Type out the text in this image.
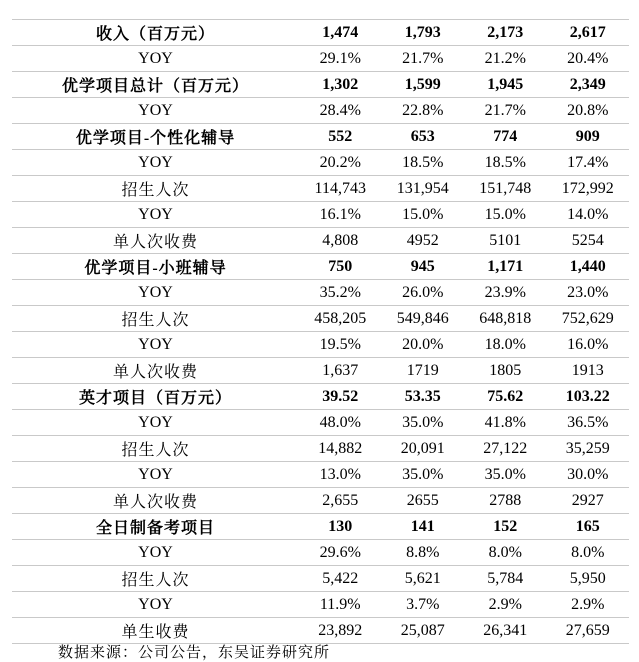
收入（百万元）	1,474	1,793	2,173	2,617
YOY	29.1%	21.7%	21.2%	20.4%
优学项目总计（百万元）	1,302	1,599	1,945	2,349
YOY	28.4%	22.8%	21.7%	20.8%
优学项目-个性化辅导	552	653	774	909
YOY	20.2%	18.5%	18.5%	17.4%
招生人次	114,743	131,954	151,748	172,992
YOY	16.1%	15.0%	15.0%	14.0%
单人次收费	4,808	4952	5101	5254
优学项目-小班辅导	750	945	1,171	1,440
YOY	35.2%	26.0%	23.9%	23.0%
招生人次	458,205	549,846	648,818	752,629
YOY	19.5%	20.0%	18.0%	16.0%
单人次收费	1,637	1719	1805	1913
英才项目（百万元）	39.52	53.35	75.62	103.22
YOY	48.0%	35.0%	41.8%	36.5%
招生人次	14,882	20,091	27,122	35,259
YOY	13.0%	35.0%	35.0%	30.0%
单人次收费	2,655	2655	2788	2927
全日制备考项目	130	141	152	165
YOY	29.6%	8.8%	8.0%	8.0%
招生人次	5,422	5,621	5,784	5,950
YOY	11.9%	3.7%	2.9%	2.9%
单生收费	23,892	25,087	26,341	27,659
数据来源：公司公告，东吴证券研究所
